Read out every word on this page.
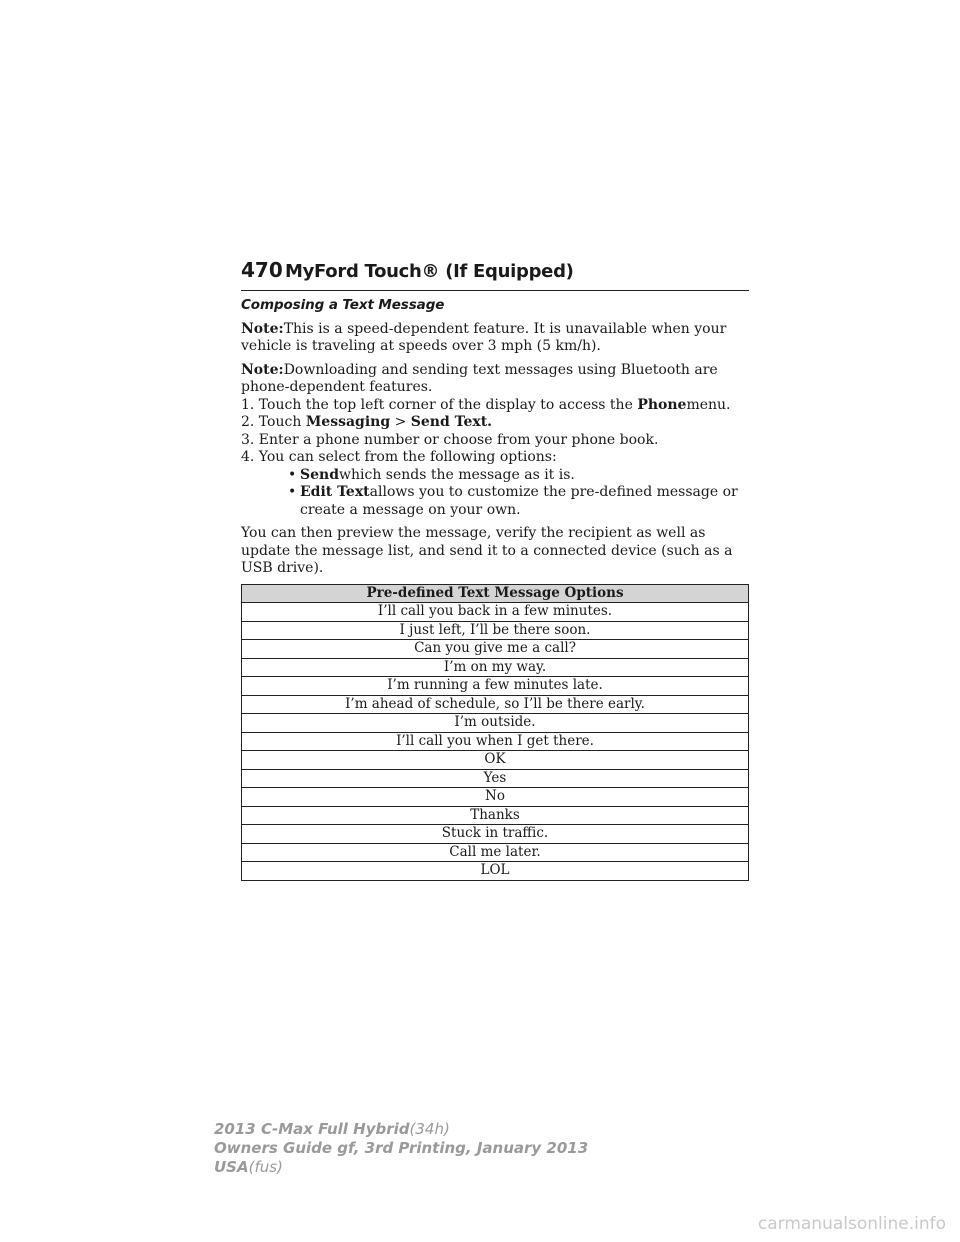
470 MyFord Touch® (If Equipped)
Composing a Text Message

Note:This is a speed-dependent feature. It is unavailable when your vehicle is traveling at speeds over 3 mph (5 km/h).

Note:Downloading and sending text messages using Bluetooth are phone-dependent features.
1. Touch the top left corner of the display to access the Phonemenu.
2. Touch Messaging > Send Text.
3. Enter a phone number or choose from your phone book.
4. You can select from the following options:
• Sendwhich sends the message as it is.
• Edit Textallows you to customize the pre-defined message or
create a message on your own.

You can then preview the message, verify the recipient as well as update the message list, and send it to a connected device (such as a USB drive).

Pre-defined Text Message Options
I’ll call you back in a few minutes.
I just left, I’ll be there soon.
Can you give me a call?
I’m on my way.
I’m running a few minutes late.
I’m ahead of schedule, so I’ll be there early.
I’m outside.
I’ll call you when I get there.
OK
Yes
No
Thanks
Stuck in traffic.
Call me later.
LOL
2013 C-Max Full Hybrid(34h)
Owners Guide gf, 3rd Printing, January 2013
USA(fus)
carmanualsonline.info
